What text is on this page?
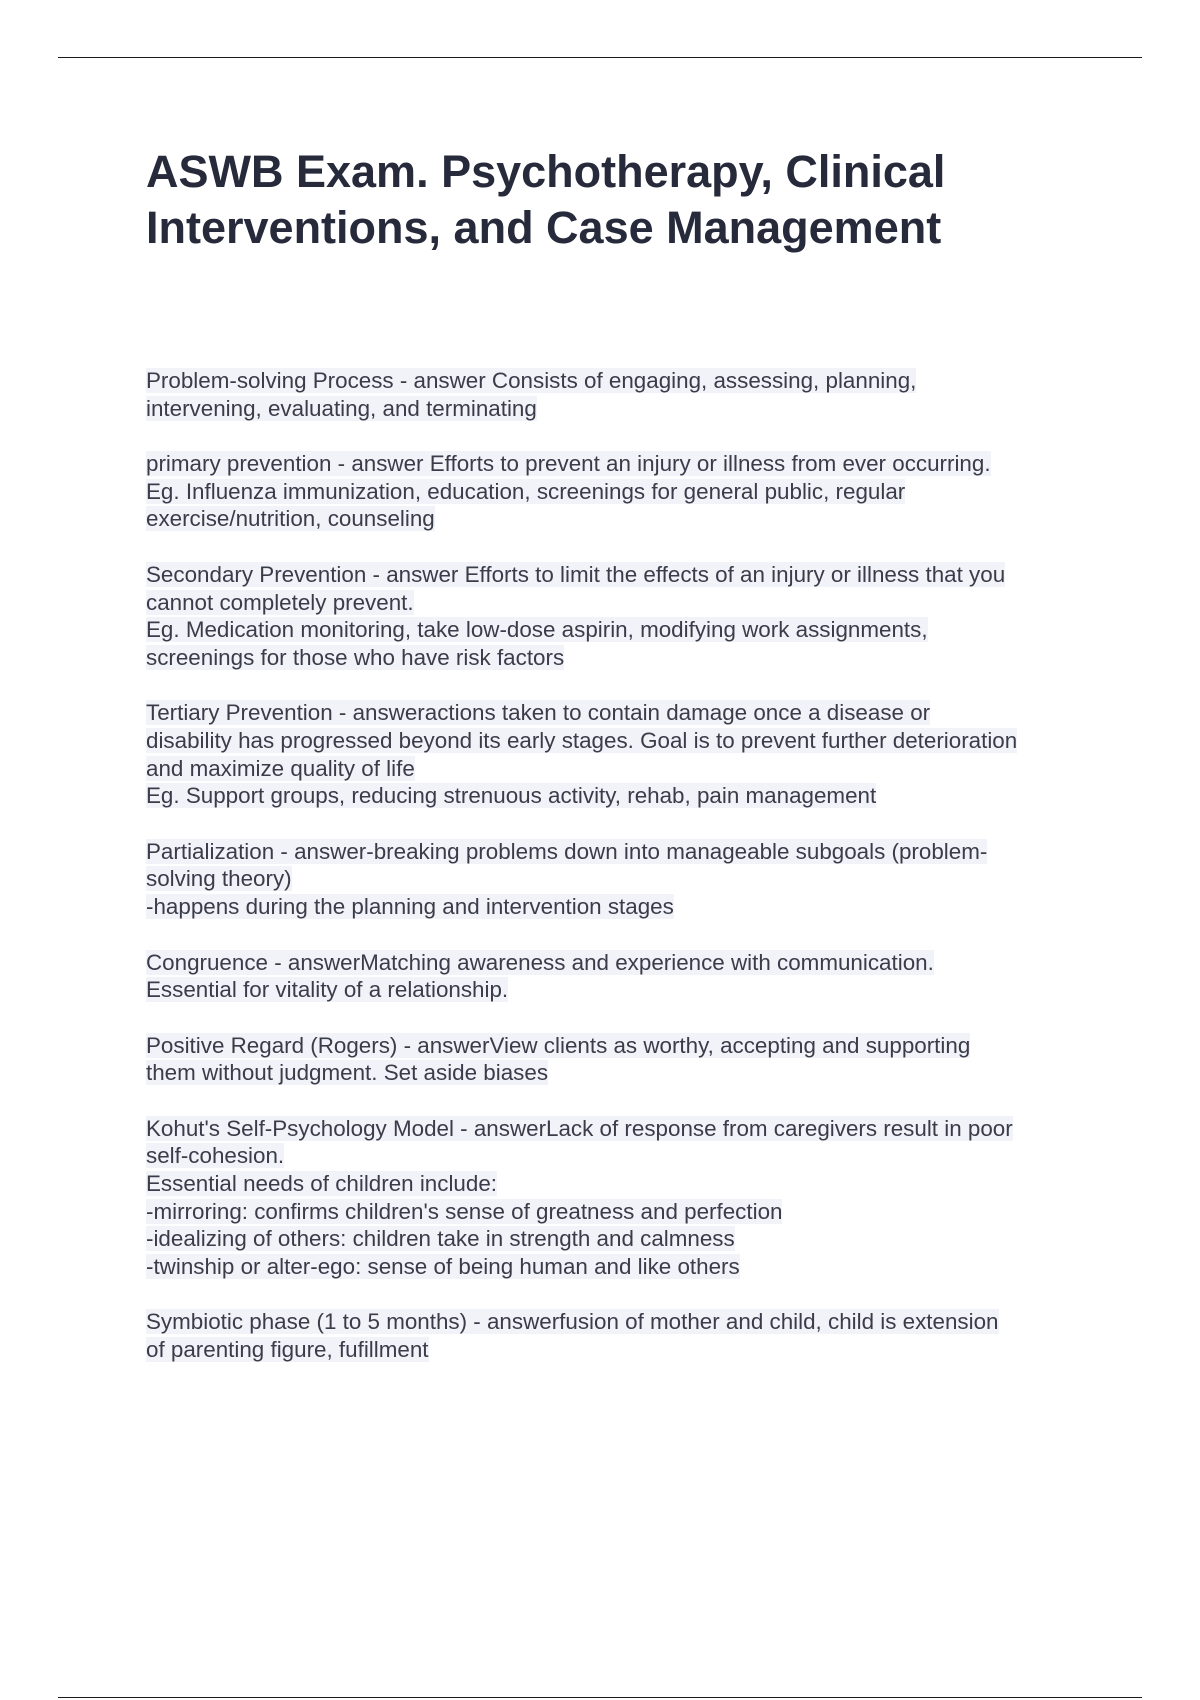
ASWB Exam. Psychotherapy, Clinical
Interventions, and Case Management

Problem-solving Process - answer Consists of engaging, assessing, planning,
intervening, evaluating, and terminating

primary prevention - answer Efforts to prevent an injury or illness from ever occurring.
Eg. Influenza immunization, education, screenings for general public, regular
exercise/nutrition, counseling

Secondary Prevention - answer Efforts to limit the effects of an injury or illness that you
cannot completely prevent.
Eg. Medication monitoring, take low-dose aspirin, modifying work assignments,
screenings for those who have risk factors

Tertiary Prevention - answeractions taken to contain damage once a disease or
disability has progressed beyond its early stages. Goal is to prevent further deterioration
and maximize quality of life
Eg. Support groups, reducing strenuous activity, rehab, pain management

Partialization - answer-breaking problems down into manageable subgoals (problem-
solving theory)
-happens during the planning and intervention stages

Congruence - answerMatching awareness and experience with communication.
Essential for vitality of a relationship.

Positive Regard (Rogers) - answerView clients as worthy, accepting and supporting
them without judgment. Set aside biases

Kohut's Self-Psychology Model - answerLack of response from caregivers result in poor
self-cohesion.
Essential needs of children include:
-mirroring: confirms children's sense of greatness and perfection
-idealizing of others: children take in strength and calmness
-twinship or alter-ego: sense of being human and like others

Symbiotic phase (1 to 5 months) - answerfusion of mother and child, child is extension
of parenting figure, fufillment
